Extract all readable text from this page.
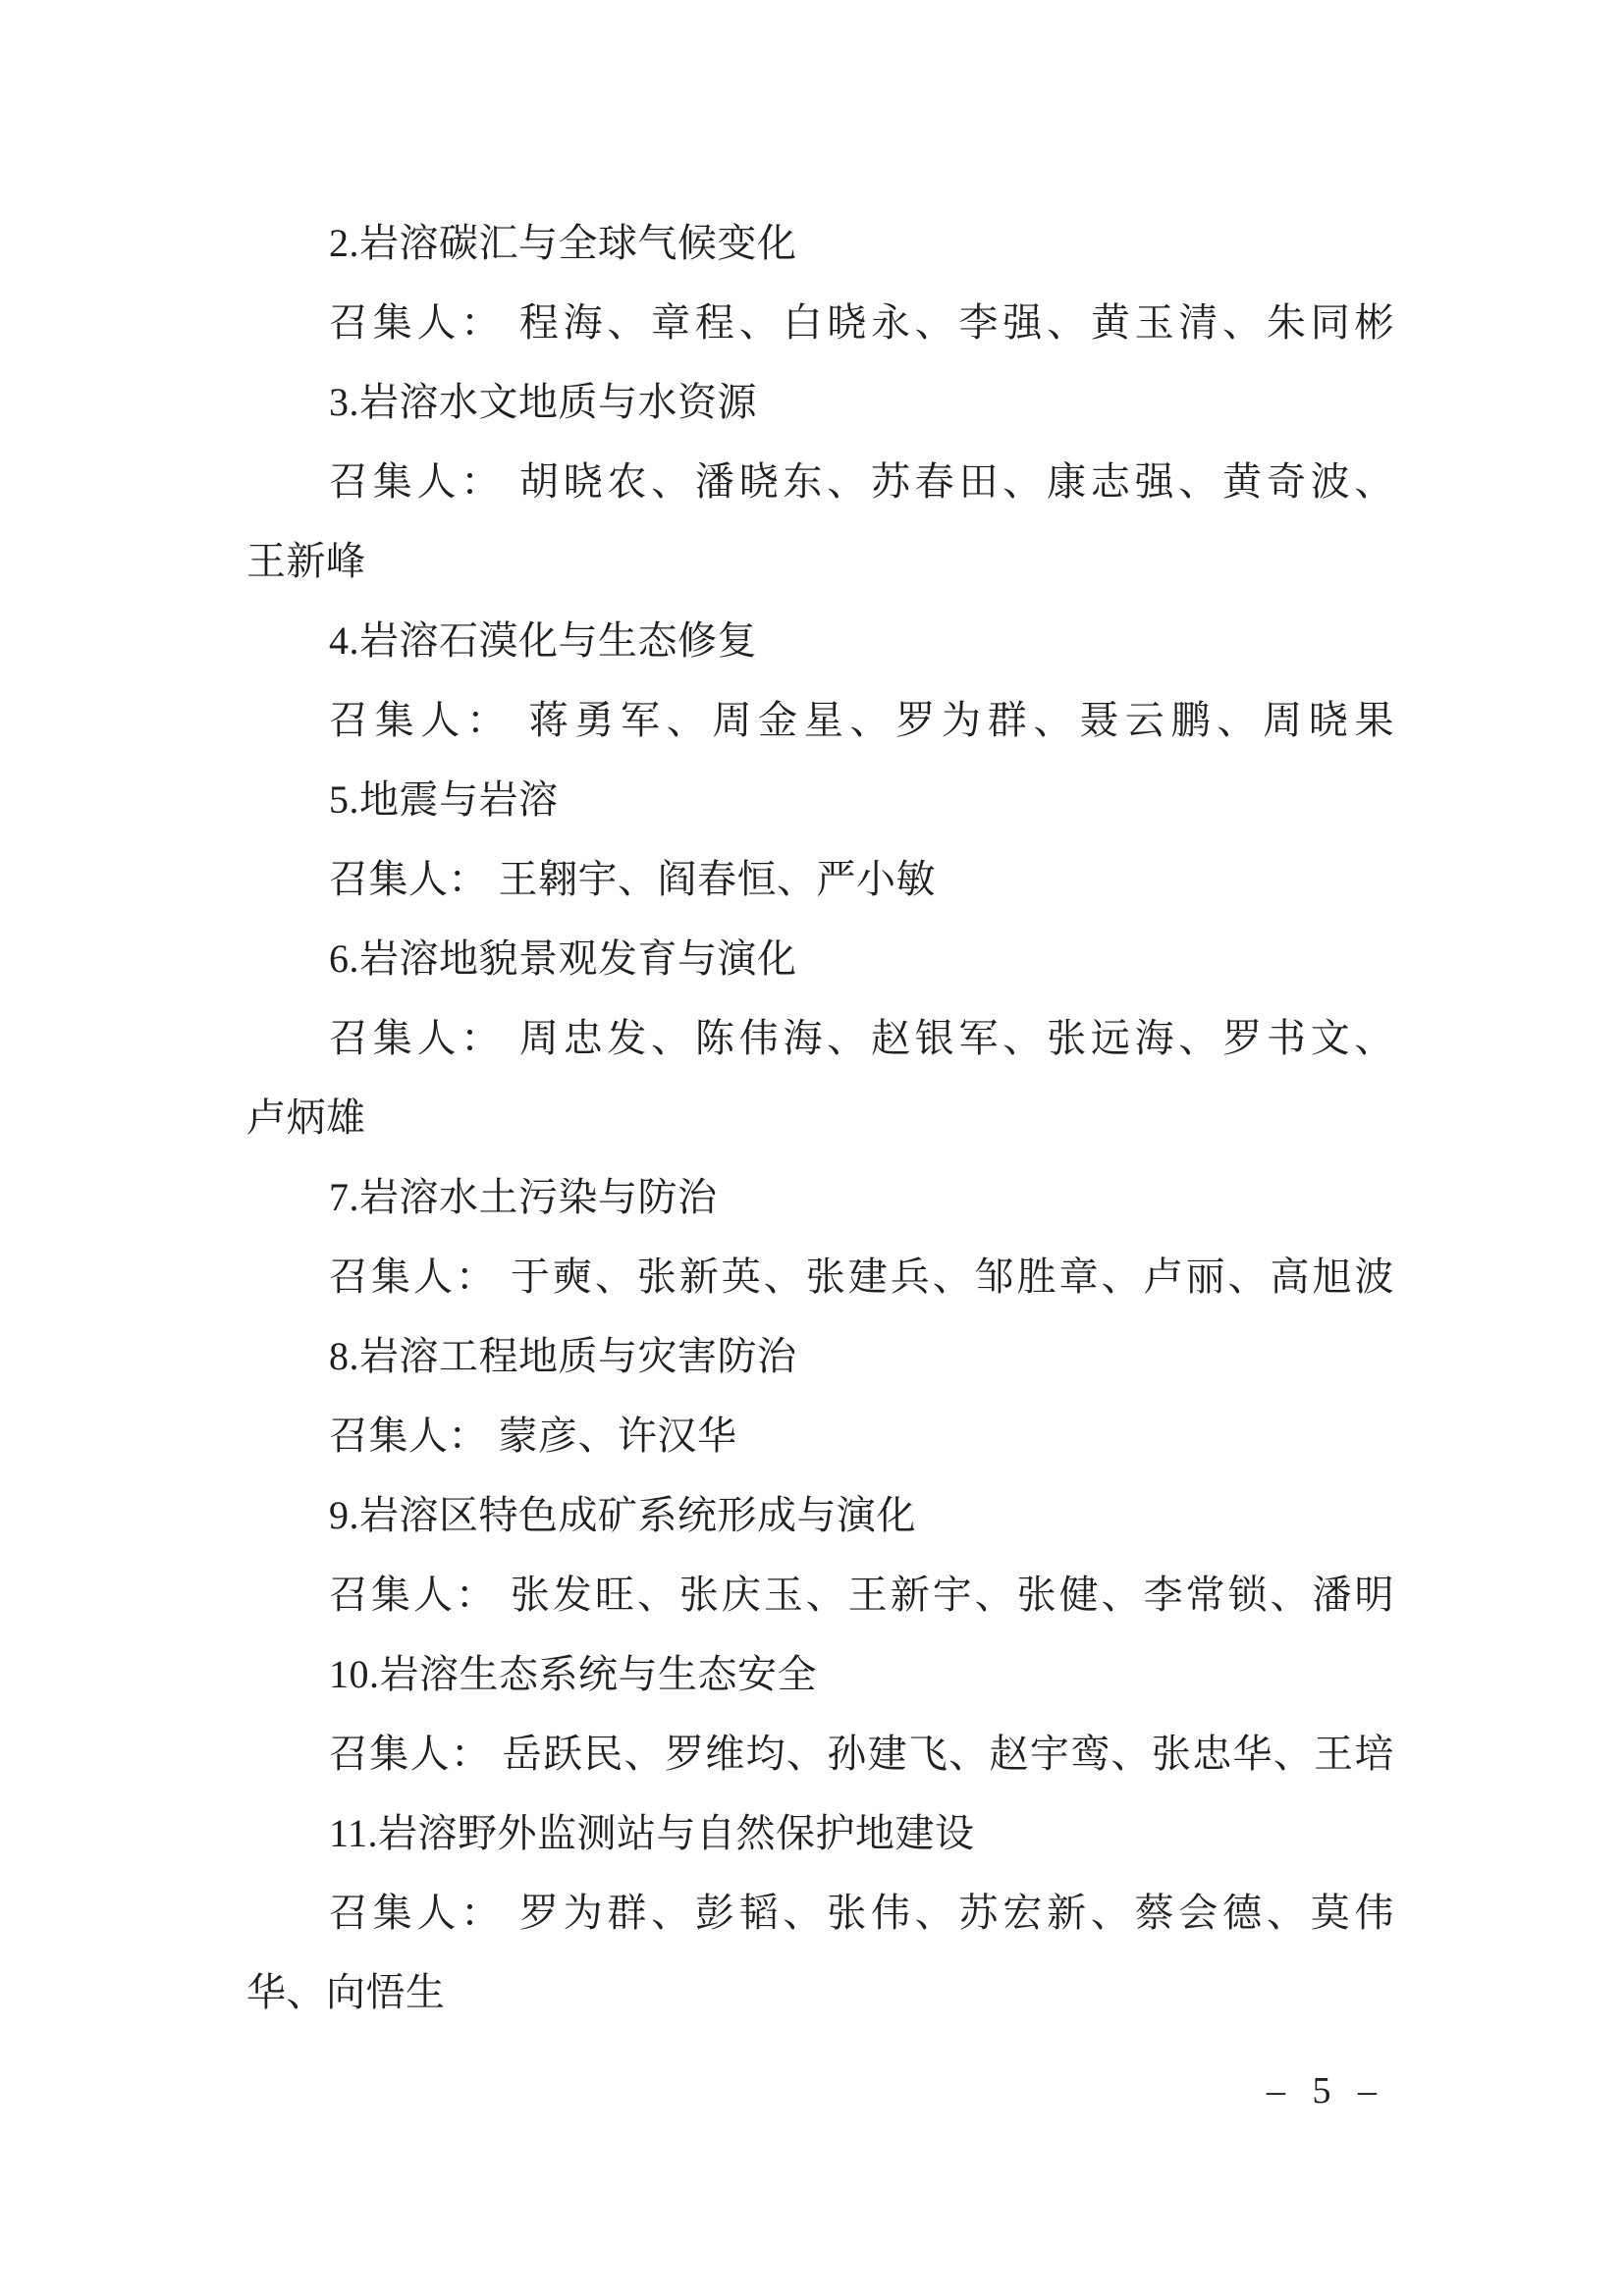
2.岩溶碳汇与全球气候变化
召集人： 程海、章程、白晓永、李强、黄玉清、朱同彬
3.岩溶水文地质与水资源
召集人： 胡晓农、潘晓东、苏春田、康志强、黄奇波、
王新峰
4.岩溶石漠化与生态修复
召集人： 蒋勇军、周金星、罗为群、聂云鹏、周晓果
5.地震与岩溶
召集人： 王翱宇、阎春恒、严小敏
6.岩溶地貌景观发育与演化
召集人： 周忠发、陈伟海、赵银军、张远海、罗书文、
卢炳雄
7.岩溶水土污染与防治
召集人： 于奭、张新英、张建兵、邹胜章、卢丽、高旭波
8.岩溶工程地质与灾害防治
召集人： 蒙彦、许汉华
9.岩溶区特色成矿系统形成与演化
召集人： 张发旺、张庆玉、王新宇、张健、李常锁、潘明
10.岩溶生态系统与生态安全
召集人： 岳跃民、罗维均、孙建飞、赵宇鸾、张忠华、王培
11.岩溶野外监测站与自然保护地建设
召集人： 罗为群、彭韬、张伟、苏宏新、蔡会德、莫伟
华、向悟生
– 5 –
